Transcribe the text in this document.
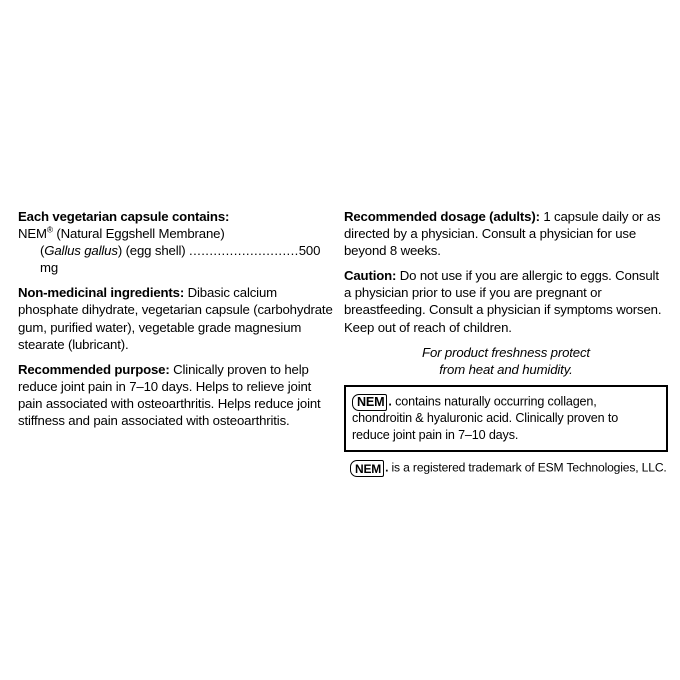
Each vegetarian capsule contains:
NEM® (Natural Eggshell Membrane)
(Gallus gallus) (egg shell) ...........................500 mg

Non-medicinal ingredients: Dibasic calcium phosphate dihydrate, vegetarian capsule (carbohydrate gum, purified water), vegetable grade magnesium stearate (lubricant).

Recommended purpose: Clinically proven to help reduce joint pain in 7–10 days. Helps to relieve joint pain associated with osteoarthritis. Helps reduce joint stiffness and pain associated with osteoarthritis.

Recommended dosage (adults): 1 capsule daily or as directed by a physician. Consult a physician for use beyond 8 weeks.

Caution: Do not use if you are allergic to eggs. Consult a physician prior to use if you are pregnant or breastfeeding. Consult a physician if symptoms worsen. Keep out of reach of children.

For product freshness protect
from heat and humidity.

NEM . contains naturally occurring collagen, chondroitin & hyaluronic acid. Clinically proven to reduce joint pain in 7–10 days.

NEM . is a registered trademark of ESM Technologies, LLC.
